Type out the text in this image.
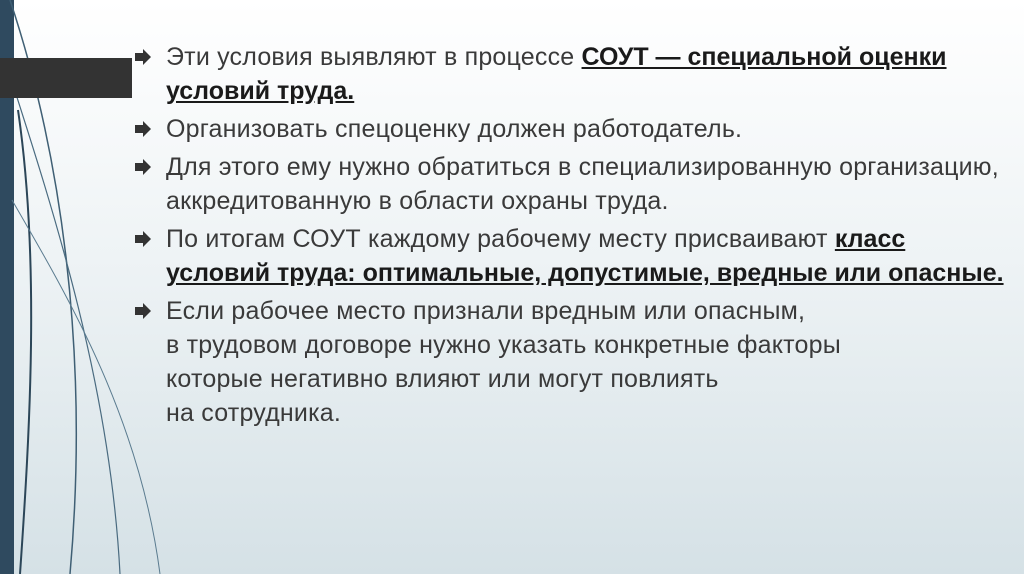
Эти условия выявляют в процессе СОУТ — специальной оценки условий труда.
Организовать спецоценку должен работодатель.
Для этого ему нужно обратиться в специализированную организацию, аккредитованную в области охраны труда.
По итогам СОУТ каждому рабочему месту присваивают класс условий труда: оптимальные, допустимые, вредные или опасные.
Если рабочее место признали вредным или опасным,
в трудовом договоре нужно указать конкретные факторы
которые негативно влияют или могут повлиять
на сотрудника.
